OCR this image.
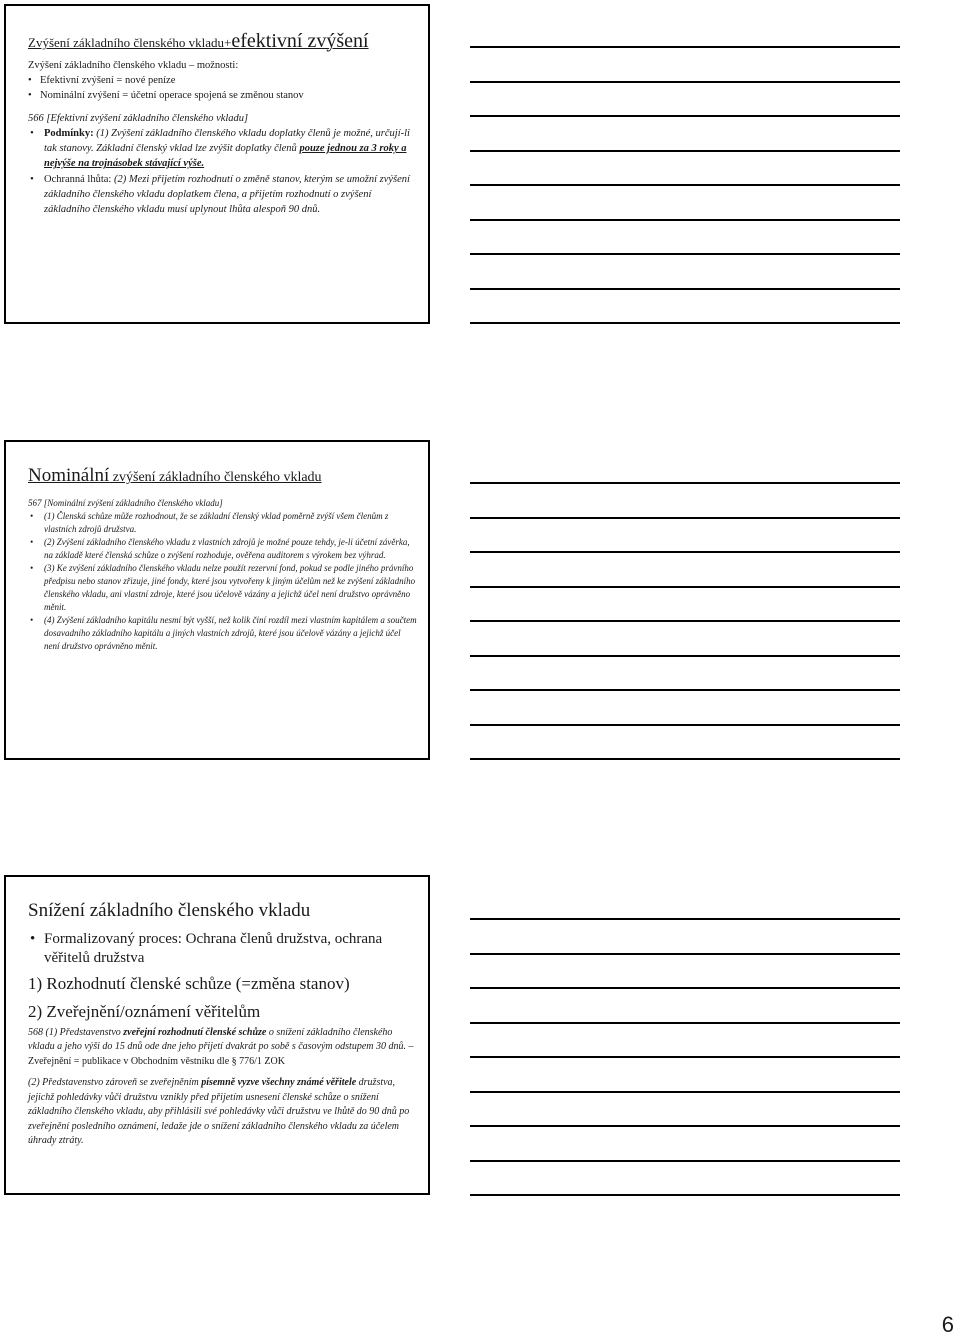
Zvýšení základního členského vkladu+efektivní zvýšení

Zvýšení základního členského vkladu – možnosti:

• Efektivní zvýšení = nové peníze

• Nominální zvýšení = účetní operace spojená se změnou stanov

566 [Efektivní zvýšení základního členského vkladu]

• Podmínky: (1) Zvýšení základního členského vkladu doplatky členů je možné, určují-li tak stanovy. Základní členský vklad lze zvýšit doplatky členů pouze jednou za 3 roky a nejvýše na trojnásobek stávající výše.

• Ochranná lhůta: (2) Mezi přijetím rozhodnutí o změně stanov, kterým se umožní zvýšení základního členského vkladu doplatkem člena, a přijetím rozhodnutí o zvýšení základního členského vkladu musí uplynout lhůta alespoň 90 dnů.

Nominální zvýšení základního členského vkladu

567 [Nominální zvýšení základního členského vkladu]

• (1) Členská schůze může rozhodnout, že se základní členský vklad poměrně zvýší všem členům z vlastních zdrojů družstva.

• (2) Zvýšení základního členského vkladu z vlastních zdrojů je možné pouze tehdy, je-li účetní závěrka, na základě které členská schůze o zvýšení rozhoduje, ověřena auditorem s výrokem bez výhrad.

• (3) Ke zvýšení základního členského vkladu nelze použít rezervní fond, pokud se podle jiného právního předpisu nebo stanov zřizuje, jiné fondy, které jsou vytvořeny k jiným účelům než ke zvýšení základního členského vkladu, ani vlastní zdroje, které jsou účelově vázány a jejichž účel není družstvo oprávněno měnit.

• (4) Zvýšení základního kapitálu nesmí být vyšší, než kolik činí rozdíl mezi vlastním kapitálem a součtem dosavadního základního kapitálu a jiných vlastních zdrojů, které jsou účelově vázány a jejichž účel není družstvo oprávněno měnit.

Snížení základního členského vkladu

• Formalizovaný proces: Ochrana členů družstva, ochrana věřitelů družstva

1) Rozhodnutí členské schůze (=změna stanov)

2) Zveřejnění/oznámení věřitelům

568 (1) Představenstvo zveřejní rozhodnutí členské schůze o snížení základního členského vkladu a jeho výši do 15 dnů ode dne jeho přijetí dvakrát po sobě s časovým odstupem 30 dnů. – Zveřejnění = publikace v Obchodním věstníku dle § 776/1 ZOK

(2) Představenstvo zároveň se zveřejněním písemně vyzve všechny známé věřitele družstva, jejichž pohledávky vůči družstvu vznikly před přijetím usnesení členské schůze o snížení základního členského vkladu, aby přihlásili své pohledávky vůči družstvu ve lhůtě do 90 dnů po zveřejnění posledního oznámení, ledaže jde o snížení základního členského vkladu za účelem úhrady ztráty.

6
